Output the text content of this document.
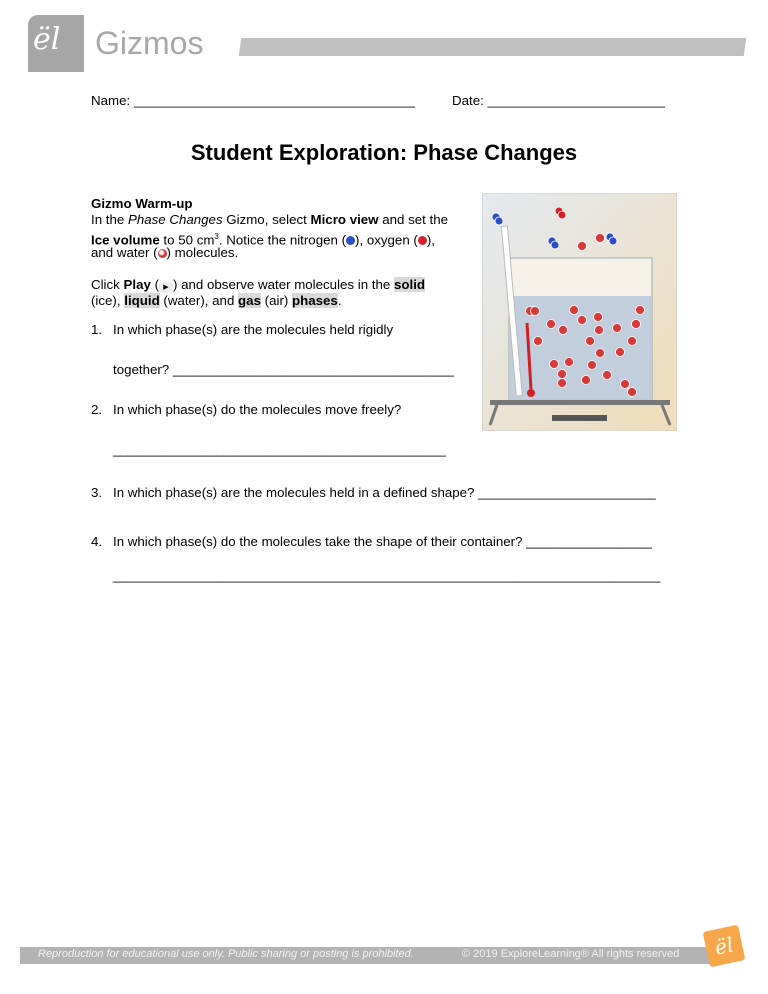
ël Gizmos
Name: ______________________________________	Date: ________________________
Student Exploration: Phase Changes
Gizmo Warm-up
In the Phase Changes Gizmo, select Micro view and set the
Ice volume to 50 $cm^3$. Notice the nitrogen ( ), oxygen ( ),
and water ( ) molecules.
Click Play ( ▶ ) and observe water molecules in the solid
(ice), liquid (water), and gas (air) phases.
1. In which phase(s) are the molecules held rigidly
together? ______________________________________
2. In which phase(s) do the molecules move freely?
_____________________________________________
3. In which phase(s) are the molecules held in a defined shape? ________________________
4. In which phase(s) do the molecules take the shape of their container? _________________
__________________________________________________________________________
Reproduction for educational use only. Public sharing or posting is prohibited.	© 2019 ExploreLearning® All rights reserved	ël
